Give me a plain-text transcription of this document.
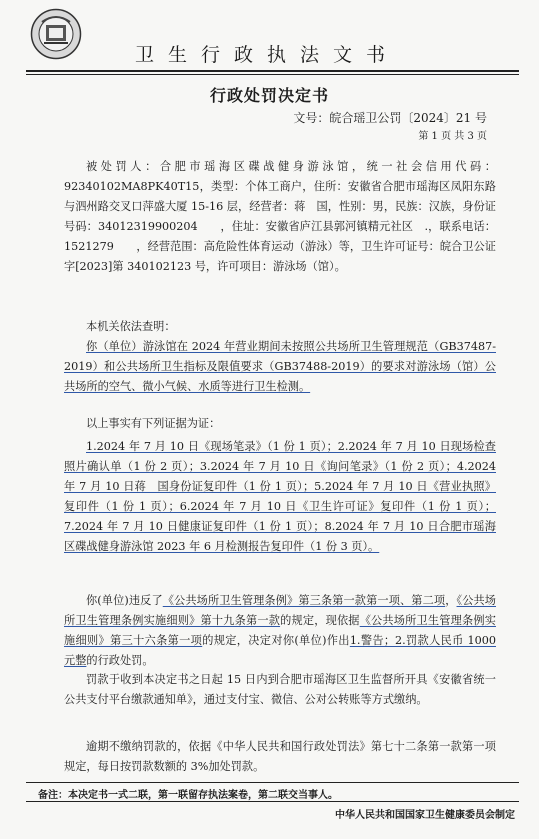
卫生行政执法文书
行政处罚决定书
文号：皖合瑶卫公罚〔2024〕21 号
第 1 页 共 3 页

被处罚人：合肥市瑶海区碟战健身游泳馆，统一社会信用代码：92340102MA8PK40T15，类型：个体工商户，住所：安徽省合肥市瑶海区凤阳东路与泗州路交叉口萍盛大厦 15-16 层，经营者：蒋　国，性别：男，民族：汉族，身份证号码：34012319900204　　，住址：安徽省庐江县郭河镇精元社区　.，联系电话：1521279　　，经营范围：高危险性体育运动（游泳）等，卫生许可证号：皖合卫公证字[2023]第 340102123 号，许可项目：游泳场（馆）。

本机关依法查明：

你（单位）游泳馆在 2024 年营业期间未按照公共场所卫生管理规范（GB37487-2019）和公共场所卫生指标及限值要求（GB37488-2019）的要求对游泳场（馆）公共场所的空气、微小气候、水质等进行卫生检测。

以上事实有下列证据为证：

1.2024 年 7 月 10 日《现场笔录》（1 份 1 页）；2.2024 年 7 月 10 日现场检查照片确认单（1 份 2 页）；3.2024 年 7 月 10 日《询问笔录》（1 份 2 页）；4.2024 年 7 月 10 日蒋　国身份证复印件（1 份 1 页）；5.2024 年 7 月 10 日《营业执照》复印件（1 份 1 页）；6.2024 年 7 月 10 日《卫生许可证》复印件（1 份 1 页）；7.2024 年 7 月 10 日健康证复印件（1 份 1 页）；8.2024 年 7 月 10 日合肥市瑶海区碟战健身游泳馆 2023 年 6 月检测报告复印件（1 份 3 页）。

你(单位)违反了《公共场所卫生管理条例》第三条第一款第一项、第二项，《公共场所卫生管理条例实施细则》第十九条第一款的规定，现依据《公共场所卫生管理条例实施细则》第三十六条第一项的规定，决定对你(单位)作出1.警告；2.罚款人民币 1000 元整的行政处罚。

罚款于收到本决定书之日起 15 日内到合肥市瑶海区卫生监督所开具《安徽省统一公共支付平台缴款通知单》，通过支付宝、微信、公对公转账等方式缴纳。

逾期不缴纳罚款的，依据《中华人民共和国行政处罚法》第七十二条第一款第一项规定，每日按罚款数额的 3%加处罚款。

备注：本决定书一式二联，第一联留存执法案卷，第二联交当事人。
中华人民共和国国家卫生健康委员会制定
